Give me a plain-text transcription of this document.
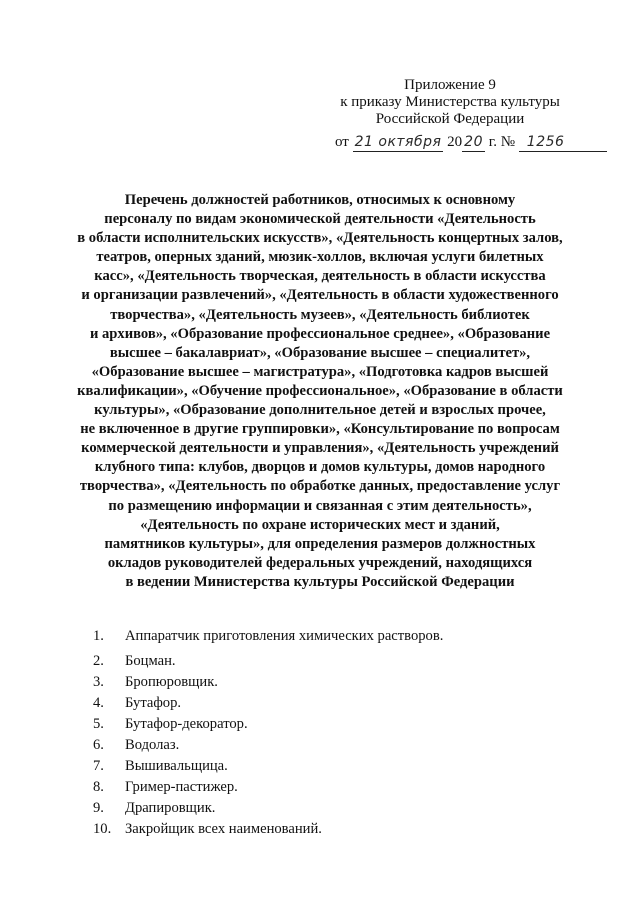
Приложение 9
к приказу Министерства культуры
Российской Федерации
от 21 октября 20 20 г. № 1256
Перечень должностей работников, относимых к основному
персоналу по видам экономической деятельности «Деятельность
в области исполнительских искусств», «Деятельность концертных залов,
театров, оперных зданий, мюзик-холлов, включая услуги билетных
касс», «Деятельность творческая, деятельность в области искусства
и организации развлечений», «Деятельность в области художественного
творчества», «Деятельность музеев», «Деятельность библиотек
и архивов», «Образование профессиональное среднее», «Образование
высшее – бакалавриат», «Образование высшее – специалитет»,
«Образование высшее – магистратура», «Подготовка кадров высшей
квалификации», «Обучение профессиональное», «Образование в области
культуры», «Образование дополнительное детей и взрослых прочее,
не включенное в другие группировки», «Консультирование по вопросам
коммерческой деятельности и управления», «Деятельность учреждений
клубного типа: клубов, дворцов и домов культуры, домов народного
творчества», «Деятельность по обработке данных, предоставление услуг
по размещению информации и связанная с этим деятельность»,
«Деятельность по охране исторических мест и зданий,
памятников культуры», для определения размеров должностных
окладов руководителей федеральных учреждений, находящихся
в ведении Министерства культуры Российской Федерации
1.	Аппаратчик приготовления химических растворов.
2.	Боцман.
3.	Бропюровщик.
4.	Бутафор.
5.	Бутафор-декоратор.
6.	Водолаз.
7.	Вышивальщица.
8.	Гример-пастижер.
9.	Драпировщик.
10. Закройщик всех наименований.
